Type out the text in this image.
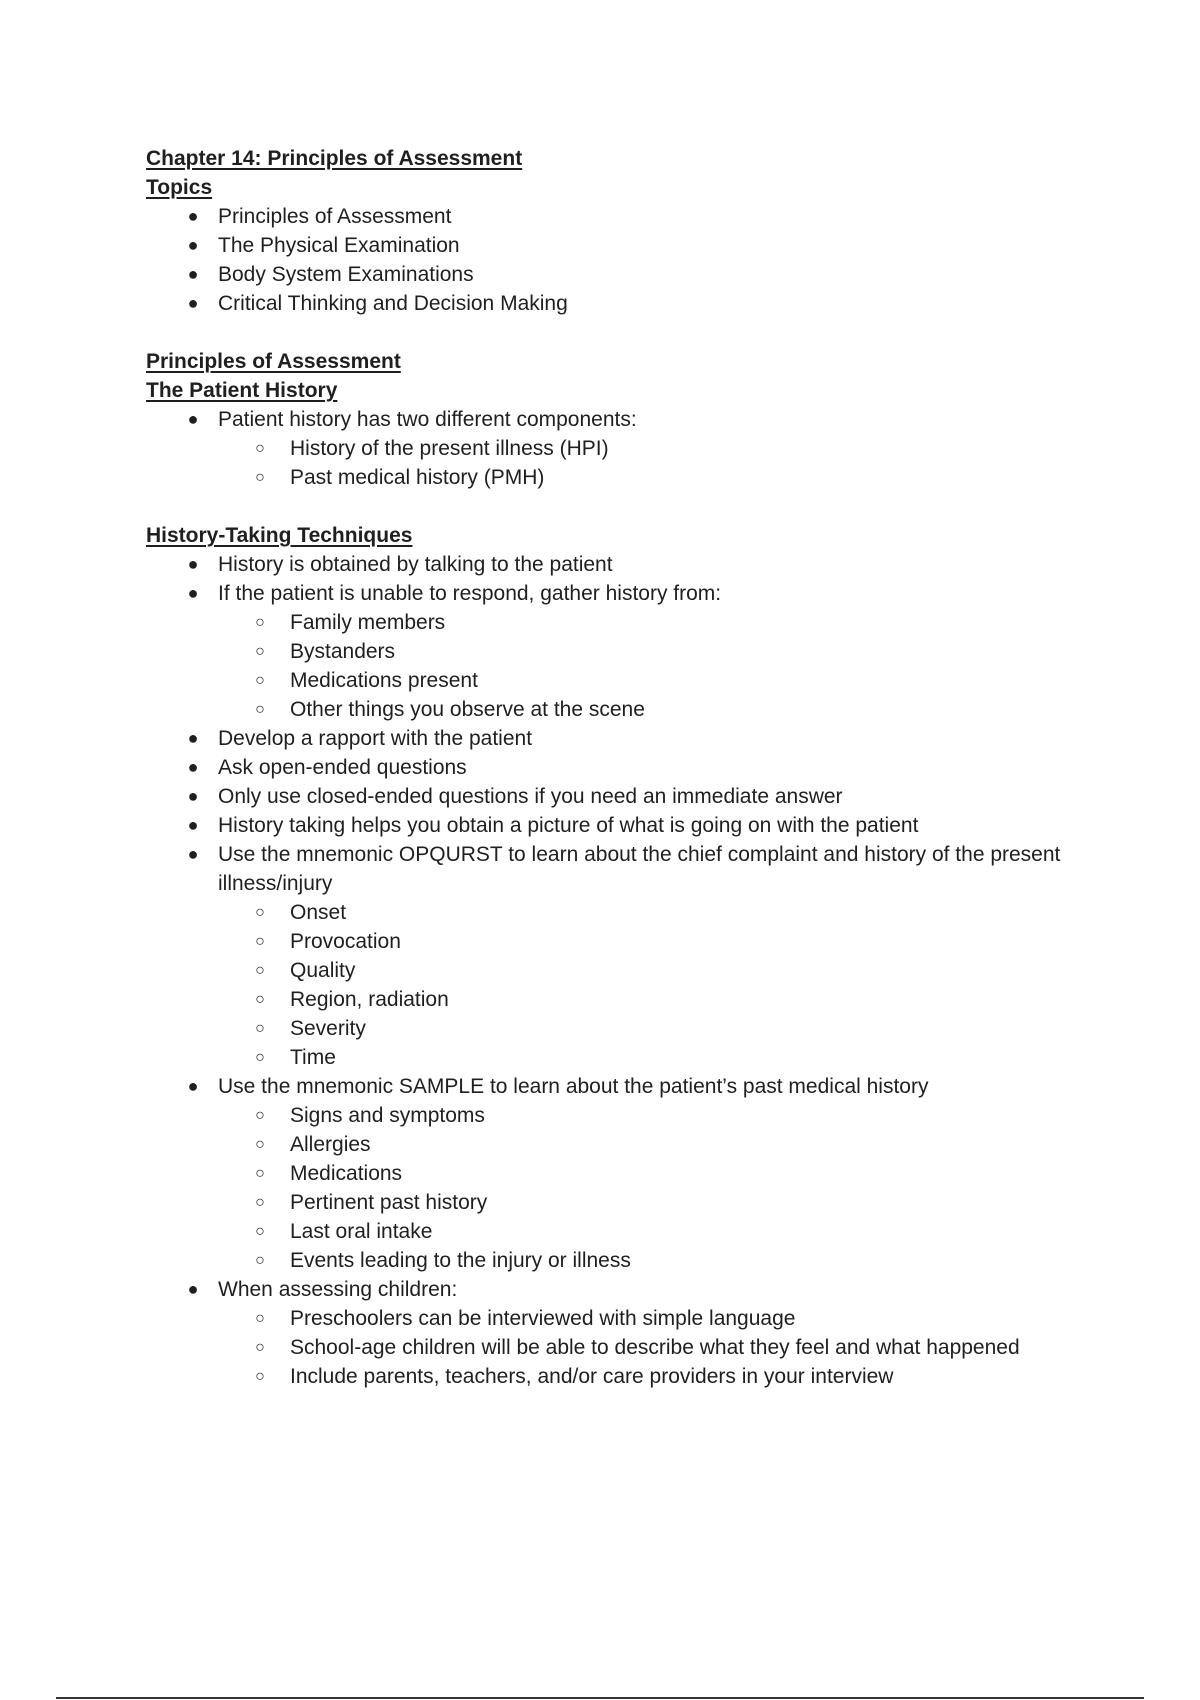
Chapter 14: Principles of Assessment

Topics

● Principles of Assessment
● The Physical Examination
● Body System Examinations
● Critical Thinking and Decision Making

Principles of Assessment

The Patient History

● Patient history has two different components:
○ History of the present illness (HPI)
○ Past medical history (PMH)

History-Taking Techniques

● History is obtained by talking to the patient
● If the patient is unable to respond, gather history from:
○ Family members
○ Bystanders
○ Medications present
○ Other things you observe at the scene
● Develop a rapport with the patient
● Ask open-ended questions
● Only use closed-ended questions if you need an immediate answer
● History taking helps you obtain a picture of what is going on with the patient
● Use the mnemonic OPQURST to learn about the chief complaint and history of the present illness/injury
○ Onset
○ Provocation
○ Quality
○ Region, radiation
○ Severity
○ Time
● Use the mnemonic SAMPLE to learn about the patient’s past medical history
○ Signs and symptoms
○ Allergies
○ Medications
○ Pertinent past history
○ Last oral intake
○ Events leading to the injury or illness
● When assessing children:
○ Preschoolers can be interviewed with simple language
○ School-age children will be able to describe what they feel and what happened
○ Include parents, teachers, and/or care providers in your interview
